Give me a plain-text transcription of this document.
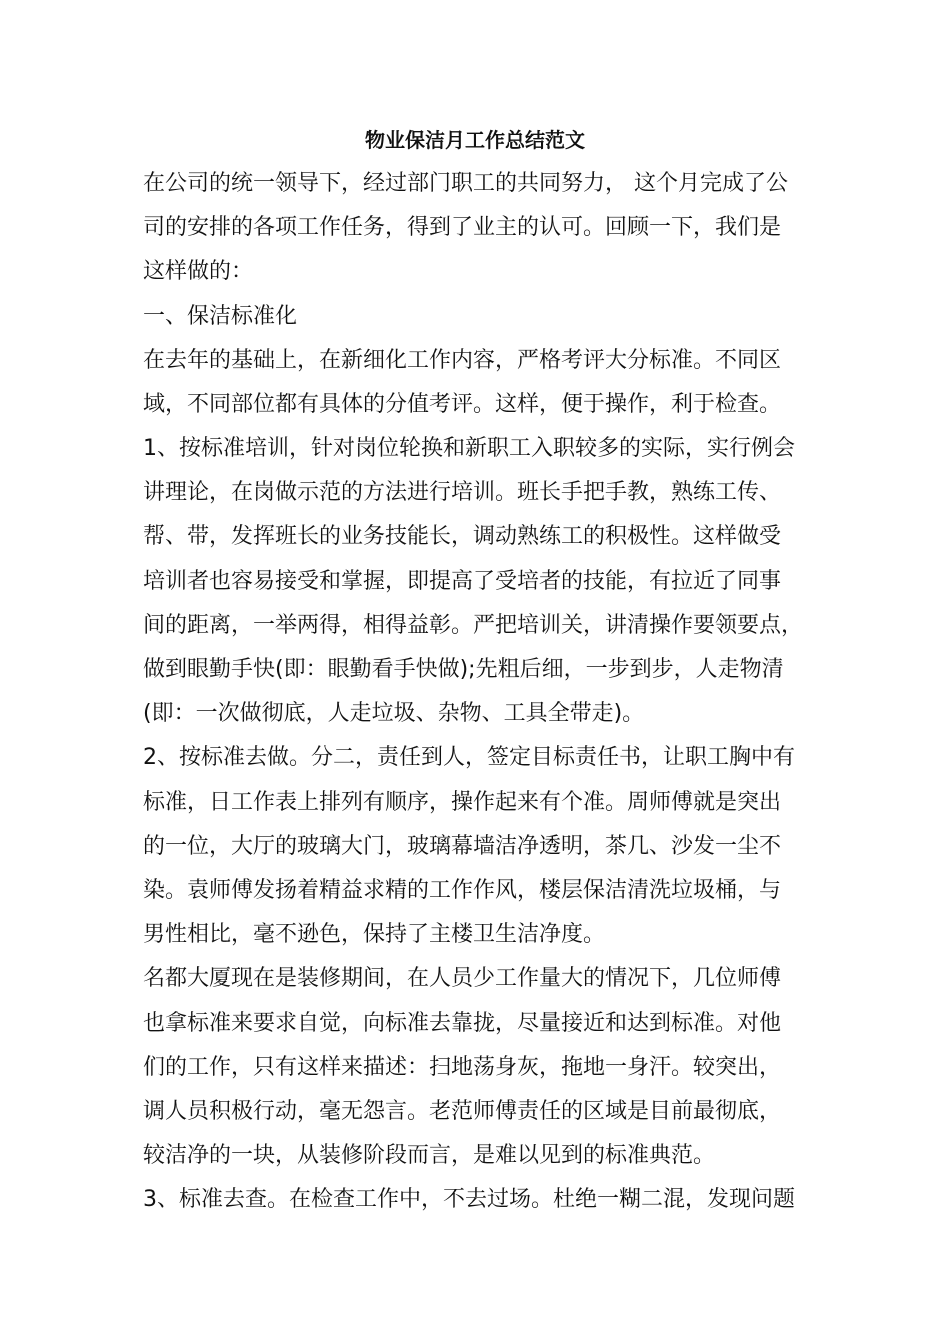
物业保洁月工作总结范文

在公司的统一领导下，经过部门职工的共同努力， 这个月完成了公

司的安排的各项工作任务，得到了业主的认可。回顾一下，我们是

这样做的：

一、保洁标准化

在去年的基础上，在新细化工作内容，严格考评大分标准。不同区

域，不同部位都有具体的分值考评。这样，便于操作，利于检查。

1、按标准培训，针对岗位轮换和新职工入职较多的实际，实行例会

讲理论，在岗做示范的方法进行培训。班长手把手教，熟练工传、

帮、带，发挥班长的业务技能长，调动熟练工的积极性。这样做受

培训者也容易接受和掌握，即提高了受培者的技能，有拉近了同事

间的距离，一举两得，相得益彰。严把培训关，讲清操作要领要点，

做到眼勤手快(即：眼勤看手快做);先粗后细，一步到步，人走物清

(即：一次做彻底，人走垃圾、杂物、工具全带走)。

2、按标准去做。分二，责任到人，签定目标责任书，让职工胸中有

标准，日工作表上排列有顺序，操作起来有个准。周师傅就是突出

的一位，大厅的玻璃大门，玻璃幕墙洁净透明，茶几、沙发一尘不

染。袁师傅发扬着精益求精的工作作风，楼层保洁清洗垃圾桶，与

男性相比，毫不逊色，保持了主楼卫生洁净度。

名都大厦现在是装修期间，在人员少工作量大的情况下，几位师傅

也拿标准来要求自觉，向标准去靠拢，尽量接近和达到标准。对他

们的工作，只有这样来描述：扫地荡身灰，拖地一身汗。较突出，

调人员积极行动，毫无怨言。老范师傅责任的区域是目前最彻底，

较洁净的一块，从装修阶段而言，是难以见到的标准典范。

3、标准去查。在检查工作中，不去过场。杜绝一糊二混，发现问题
